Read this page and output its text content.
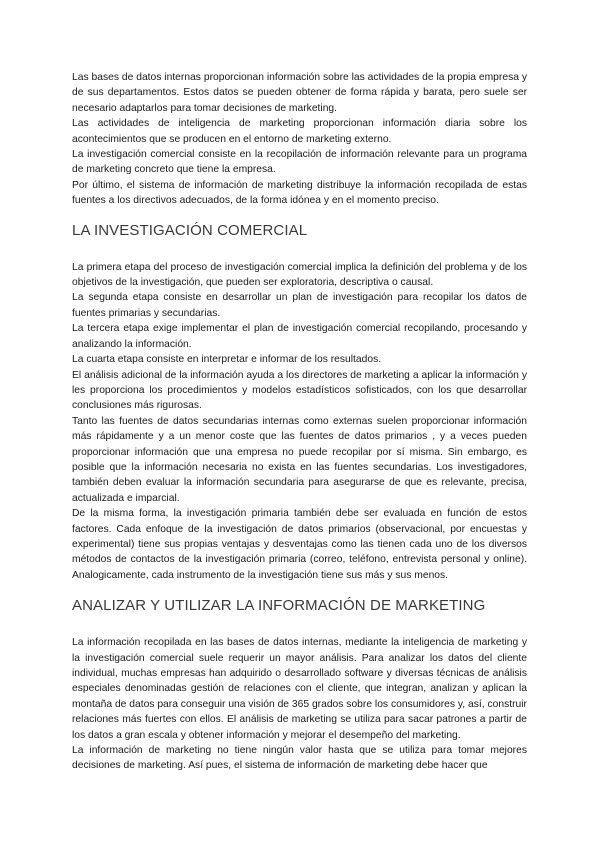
Las bases de datos internas proporcionan información sobre las actividades de la propia empresa y de sus departamentos. Estos datos se pueden obtener de forma rápida y barata, pero suele ser necesario adaptarlos para tomar decisiones de marketing.

Las actividades de inteligencia de marketing proporcionan información diaria sobre los acontecimientos que se producen en el entorno de marketing externo.

La investigación comercial consiste en la recopilación de información relevante para un programa de marketing concreto que tiene la empresa.

Por último, el sistema de información de marketing distribuye la información recopilada de estas fuentes a los directivos adecuados, de la forma idónea y en el momento preciso.

LA INVESTIGACIÓN COMERCIAL

La primera etapa del proceso de investigación comercial implica la definición del problema y de los objetivos de la investigación, que pueden ser exploratoria, descriptiva o causal.

La segunda etapa consiste en desarrollar un plan de investigación para recopilar los datos de fuentes primarias y secundarias.

La tercera etapa exige implementar el plan de investigación comercial recopilando, procesando y analizando la información.

La cuarta etapa consiste en interpretar e informar de los resultados.

El análisis adicional de la información ayuda a los directores de marketing a aplicar la información y les proporciona los procedimientos y modelos estadísticos sofisticados, con los que desarrollar conclusiones más rigurosas.

Tanto las fuentes de datos secundarias internas como externas suelen proporcionar información más rápidamente y a un menor coste que las fuentes de datos primarios , y a veces pueden proporcionar información que una empresa no puede recopilar por sí misma. Sin embargo, es posible que la información necesaria no exista en las fuentes secundarias. Los investigadores, también deben evaluar la información secundaria para asegurarse de que es relevante, precisa, actualizada e imparcial.

De la misma forma, la investigación primaria también debe ser evaluada en función de estos factores. Cada enfoque de la investigación de datos primarios (observacional, por encuestas y experimental) tiene sus propias ventajas y desventajas como las tienen cada uno de los diversos métodos de contactos de la investigación primaria (correo, teléfono, entrevista personal y online). Analogicamente, cada instrumento de la investigación tiene sus más y sus menos.

ANALIZAR Y UTILIZAR LA INFORMACIÓN DE MARKETING

La información recopilada en las bases de datos internas, mediante la inteligencia de marketing y la investigación comercial suele requerir un mayor análisis. Para analizar los datos del cliente individual, muchas empresas han adquirido o desarrollado software y diversas técnicas de análisis especiales denominadas gestión de relaciones con el cliente, que integran, analizan y aplican la montaña de datos para conseguir una visión de 365 grados sobre los consumidores y, así, construir relaciones más fuertes con ellos. El análisis de marketing se utiliza para sacar patrones a partir de los datos a gran escala y obtener información y mejorar el desempeño del marketing.

La información de marketing no tiene ningún valor hasta que se utiliza para tomar mejores decisiones de marketing. Así pues, el sistema de información de marketing debe hacer que
